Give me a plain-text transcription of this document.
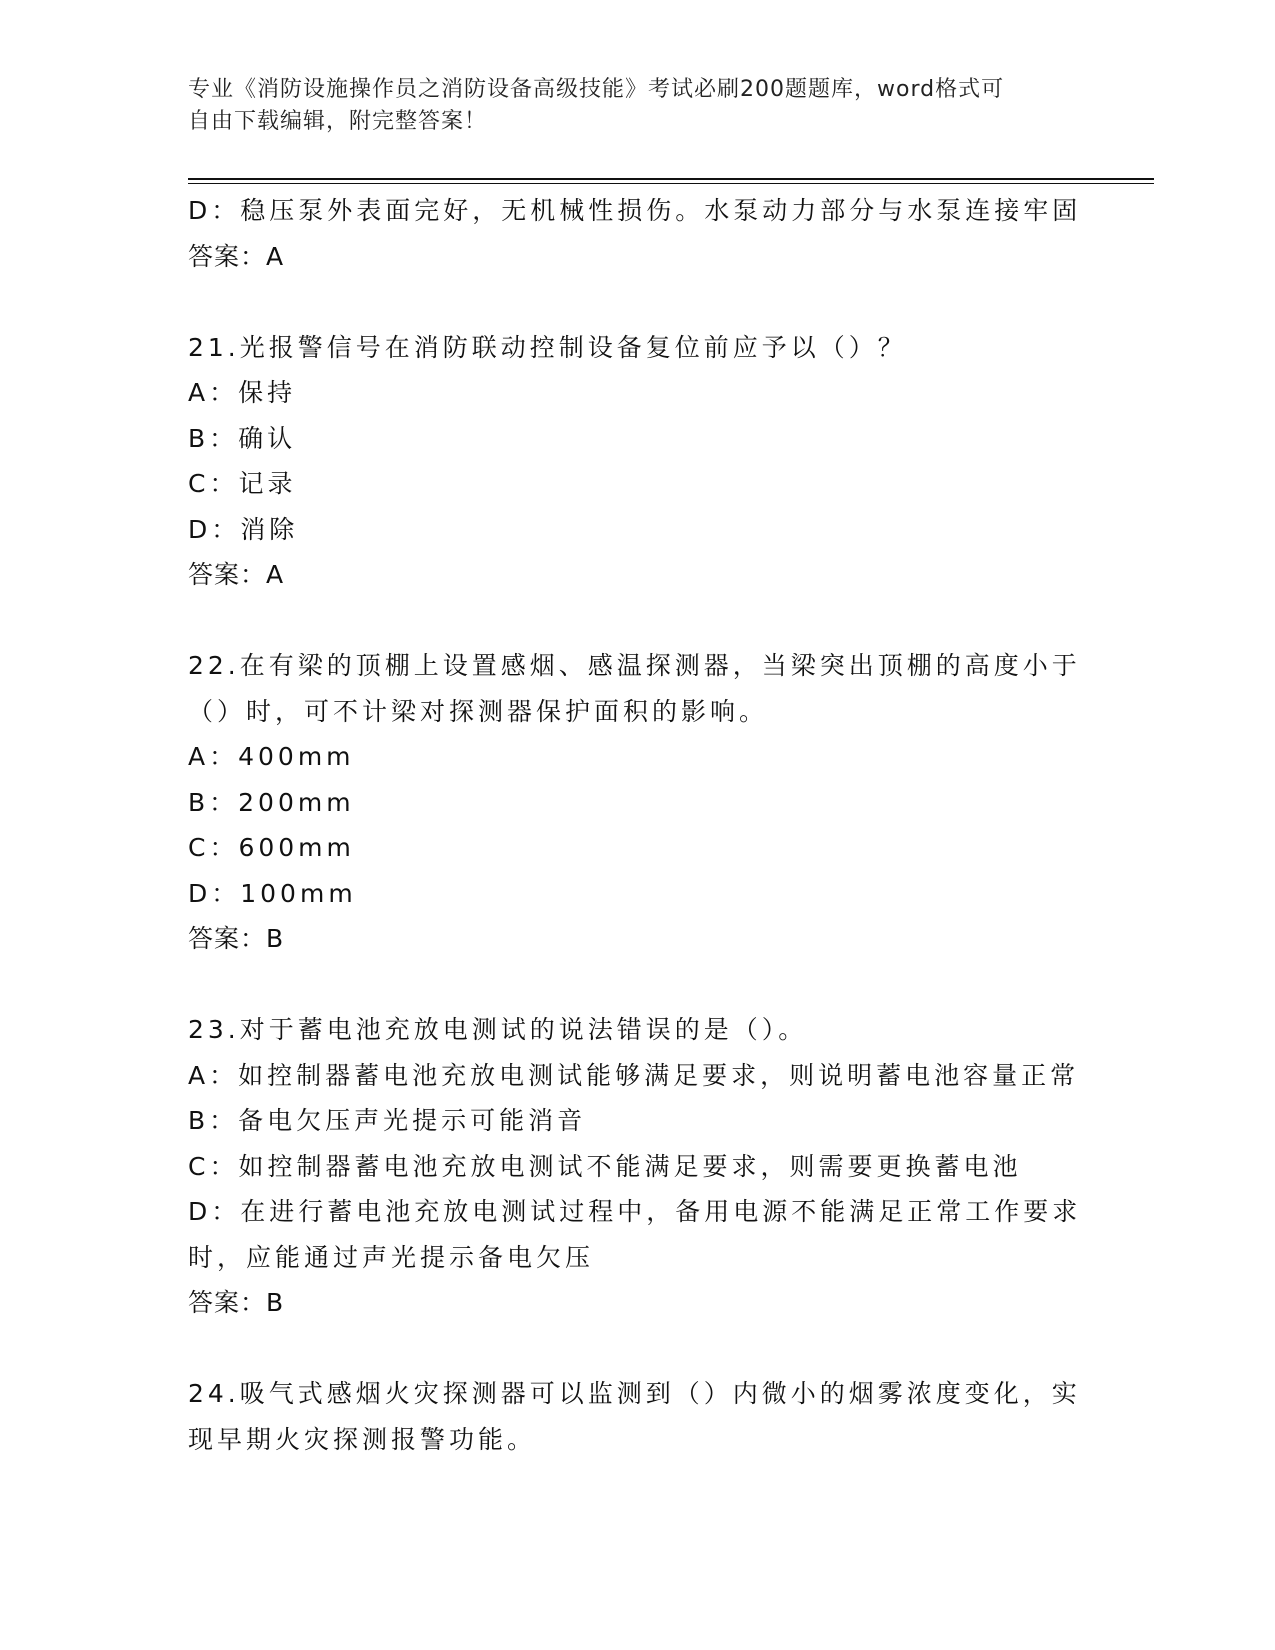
专业《消防设施操作员之消防设备高级技能》考试必刷200题题库，word格式可
自由下载编辑，附完整答案！
D：稳压泵外表面完好，无机械性损伤。水泵动力部分与水泵连接牢固
答案：A
21.光报警信号在消防联动控制设备复位前应予以（）？
A：保持
B：确认
C：记录
D：消除
答案：A
22.在有梁的顶棚上设置感烟、感温探测器，当梁突出顶棚的高度小于
（）时，可不计梁对探测器保护面积的影响。
A：400mm
B：200mm
C：600mm
D：100mm
答案：B
23.对于蓄电池充放电测试的说法错误的是（）。
A：如控制器蓄电池充放电测试能够满足要求，则说明蓄电池容量正常
B：备电欠压声光提示可能消音
C：如控制器蓄电池充放电测试不能满足要求，则需要更换蓄电池
D：在进行蓄电池充放电测试过程中，备用电源不能满足正常工作要求
时，应能通过声光提示备电欠压
答案：B
24.吸气式感烟火灾探测器可以监测到（）内微小的烟雾浓度变化，实
现早期火灾探测报警功能。
